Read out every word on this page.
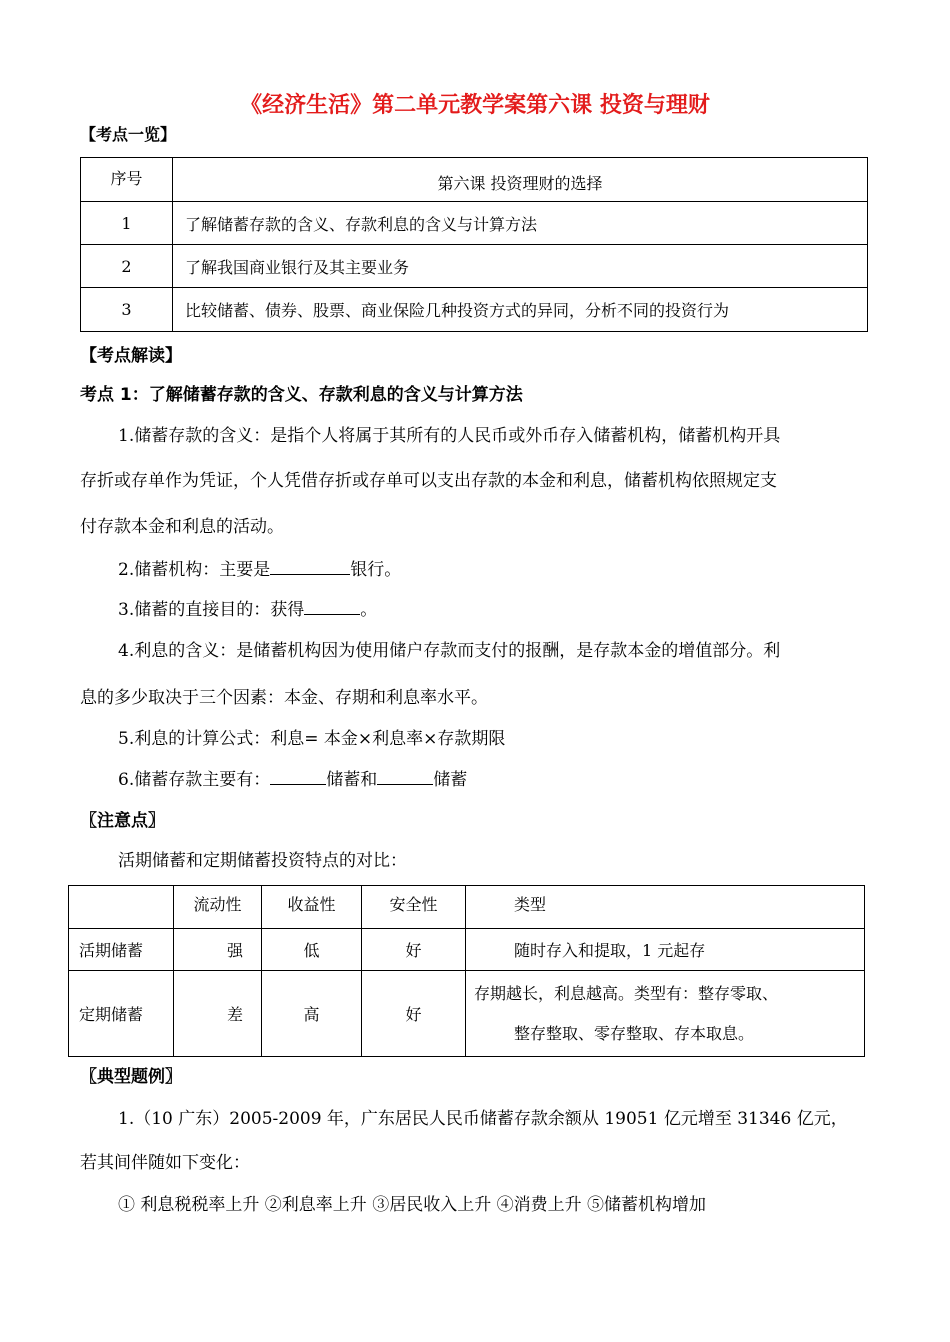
《经济生活》第二单元教学案第六课 投资与理财
【考点一览】
序号	第六课 投资理财的选择
1	了解储蓄存款的含义、存款利息的含义与计算方法
2	了解我国商业银行及其主要业务
3	比较储蓄、债券、股票、商业保险几种投资方式的异同，分析不同的投资行为
【考点解读】
考点 1：了解储蓄存款的含义、存款利息的含义与计算方法
1.储蓄存款的含义：是指个人将属于其所有的人民币或外币存入储蓄机构，储蓄机构开具
存折或存单作为凭证，个人凭借存折或存单可以支出存款的本金和利息，储蓄机构依照规定支
付存款本金和利息的活动。
2.储蓄机构：主要是	银行。
3.储蓄的直接目的：获得	。
4.利息的含义：是储蓄机构因为使用储户存款而支付的报酬，是存款本金的增值部分。利
息的多少取决于三个因素：本金、存期和利息率水平。
5.利息的计算公式：利息= 本金×利息率×存款期限
6.储蓄存款主要有：	储蓄和	储蓄
〖注意点〗
活期储蓄和定期储蓄投资特点的对比：
	流动性	收益性	安全性	类型
活期储蓄	强	低	好	随时存入和提取，1 元起存
定期储蓄	差	高	好	存期越长，利息越高。类型有：整存零取、
整存整取、零存整取、存本取息。
〖典型题例〗
1.（10 广东）2005-2009 年，广东居民人民币储蓄存款余额从 19051 亿元增至 31346 亿元，
若其间伴随如下变化：
① 利息税税率上升 ②利息率上升 ③居民收入上升 ④消费上升 ⑤储蓄机构增加
